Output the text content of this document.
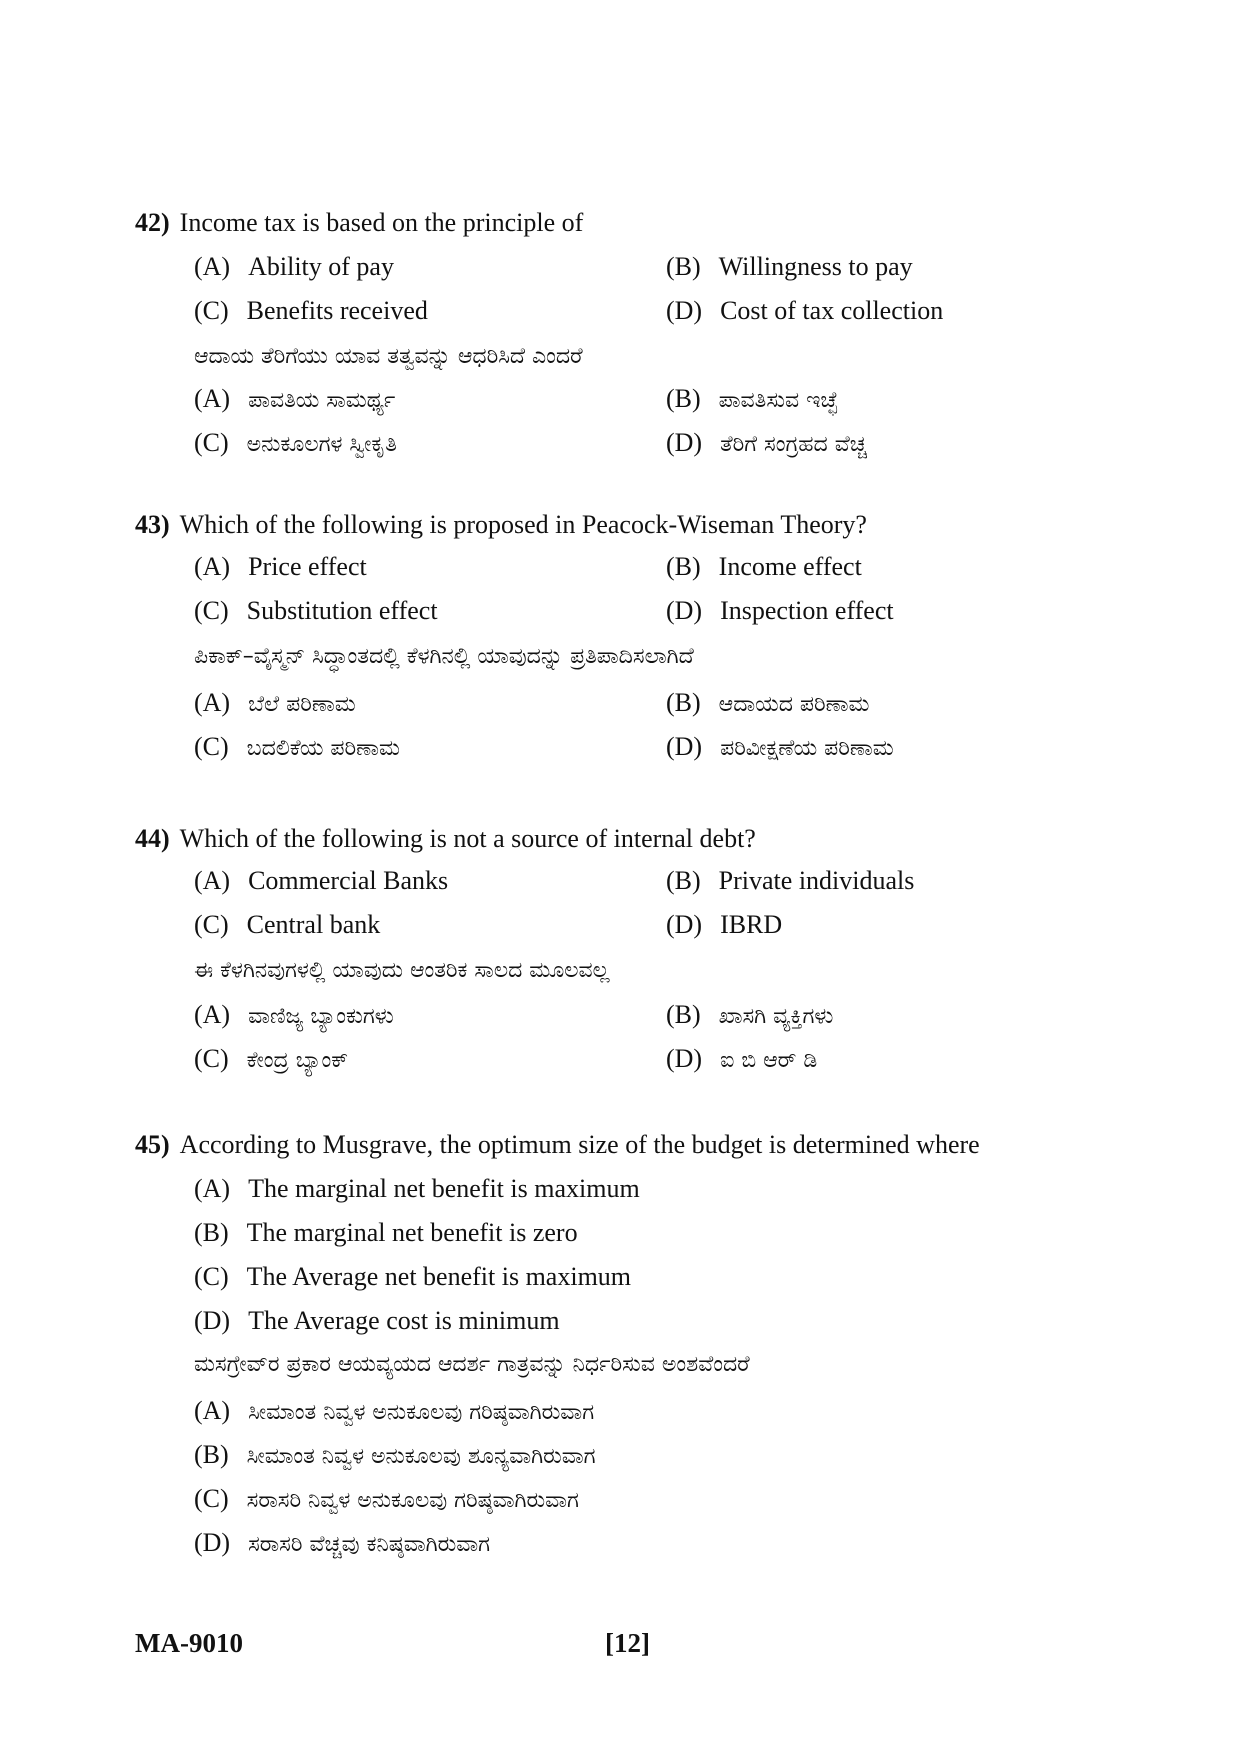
42) Income tax is based on the principle of
(A) Ability of pay	(B) Willingness to pay
(C) Benefits received	(D) Cost of tax collection
ಆದಾಯ ತೆರಿಗೆಯು ಯಾವ ತತ್ವವನ್ನು ಆಧರಿಸಿದೆ ಎಂದರೆ
(A) ಪಾವತಿಯ ಸಾಮರ್ಥ್ಯ	(B) ಪಾವತಿಸುವ ಇಚ್ಛೆ
(C) ಅನುಕೂಲಗಳ ಸ್ವೀಕೃತಿ	(D) ತೆರಿಗೆ ಸಂಗ್ರಹದ ವೆಚ್ಚ
43) Which of the following is proposed in Peacock-Wiseman Theory?
(A) Price effect	(B) Income effect
(C) Substitution effect	(D) Inspection effect
ಪಿಕಾಕ್–ವೈಸ್ಮನ್ ಸಿದ್ಧಾಂತದಲ್ಲಿ ಕೆಳಗಿನಲ್ಲಿ ಯಾವುದನ್ನು ಪ್ರತಿಪಾದಿಸಲಾಗಿದೆ
(A) ಬೆಲೆ ಪರಿಣಾಮ	(B) ಆದಾಯದ ಪರಿಣಾಮ
(C) ಬದಲಿಕೆಯ ಪರಿಣಾಮ	(D) ಪರಿವೀಕ್ಷಣೆಯ ಪರಿಣಾಮ
44) Which of the following is not a source of internal debt?
(A) Commercial Banks	(B) Private individuals
(C) Central bank	(D) IBRD
ಈ ಕೆಳಗಿನವುಗಳಲ್ಲಿ ಯಾವುದು ಆಂತರಿಕ ಸಾಲದ ಮೂಲವಲ್ಲ
(A) ವಾಣಿಜ್ಯ ಬ್ಯಾಂಕುಗಳು	(B) ಖಾಸಗಿ ವ್ಯಕ್ತಿಗಳು
(C) ಕೇಂದ್ರ ಬ್ಯಾಂಕ್	(D) ಐ ಬಿ ಆರ್ ಡಿ
45) According to Musgrave, the optimum size of the budget is determined where
(A) The marginal net benefit is maximum
(B) The marginal net benefit is zero
(C) The Average net benefit is maximum
(D) The Average cost is minimum
ಮಸಗ್ರೇವ್‌ರ ಪ್ರಕಾರ ಆಯವ್ಯಯದ ಆದರ್ಶ ಗಾತ್ರವನ್ನು ನಿರ್ಧರಿಸುವ ಅಂಶವೆಂದರೆ
(A) ಸೀಮಾಂತ ನಿವ್ವಳ ಅನುಕೂಲವು ಗರಿಷ್ಠವಾಗಿರುವಾಗ
(B) ಸೀಮಾಂತ ನಿವ್ವಳ ಅನುಕೂಲವು ಶೂನ್ಯವಾಗಿರುವಾಗ
(C) ಸರಾಸರಿ ನಿವ್ವಳ ಅನುಕೂಲವು ಗರಿಷ್ಠವಾಗಿರುವಾಗ
(D) ಸರಾಸರಿ ವೆಚ್ಚವು ಕನಿಷ್ಠವಾಗಿರುವಾಗ
MA-9010	[12]
